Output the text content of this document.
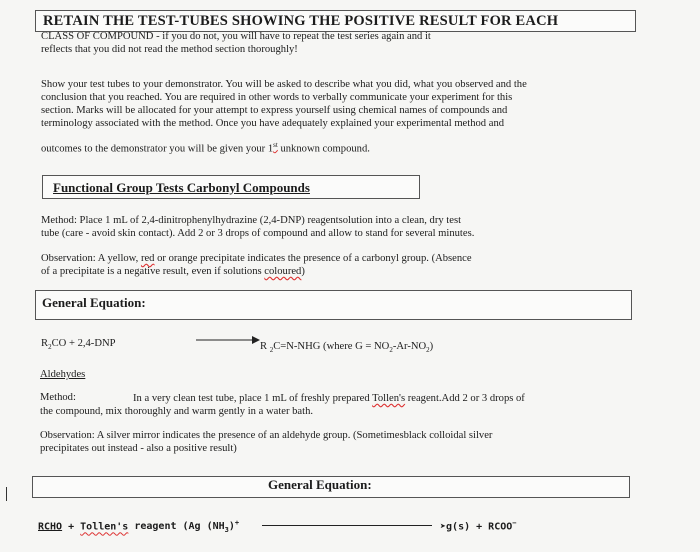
RETAIN THE TEST-TUBES SHOWING THE POSITIVE RESULT FOR EACH
CLASS OF COMPOUND - if you do not, you will have to repeat the test series again and it
reflects that you did not read the method section thoroughly!
Show your test tubes to your demonstrator. You will be asked to describe what you did, what you observed and the
conclusion that you reached. You are required in other words to verbally communicate your experiment for this
section. Marks will be allocated for your attempt to express yourself using chemical names of compounds and
terminology associated with the method. Once you have adequately explained your experimental method and
outcomes to the demonstrator you will be given your 1st unknown compound.
Functional Group Tests Carbonyl Compounds
Method: Place 1 mL of 2,4-dinitrophenylhydrazine (2,4-DNP) reagentsolution into a clean, dry test
tube (care - avoid skin contact). Add 2 or 3 drops of compound and allow to stand for several minutes.
Observation: A yellow, red or orange precipitate indicates the presence of a carbonyl group. (Absence
of a precipitate is a negative result, even if solutions coloured)
General Equation:
$R_2CO + 2,4-DNP$	R $_2$C=N-NHG (where $G = NO_2-Ar-NO_2$)
Aldehydes
Method:	In a very clean test tube, place 1 mL of freshly prepared Tollen's reagent.Add 2 or 3 drops of
the compound, mix thoroughly and warm gently in a water bath.
Observation: A silver mirror indicates the presence of an aldehyde group. (Sometimesblack colloidal silver
precipitates out instead - also a positive result)
General Equation:
RCHO + Tollen's reagent (Ag $(NH_3)^+$	➤g(s) + RCOO−
